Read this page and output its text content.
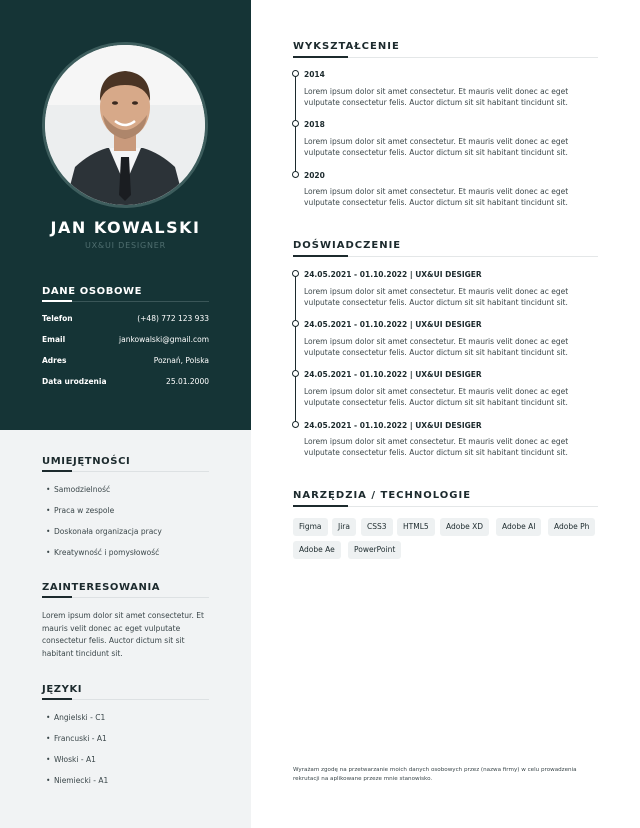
JAN KOWALSKI
UX&UI DESIGNER
DANE OSOBOWE
Telefon	(+48) 772 123 933
Email	jankowalski@gmail.com
Adres	Poznań, Polska
Data urodzenia	25.01.2000
UMIEJĘTNOŚCI
• Samodzielność
• Praca w zespole
• Doskonała organizacja pracy
• Kreatywność i pomysłowość
ZAINTERESOWANIA
Lorem ipsum dolor sit amet consectetur. Et mauris velit donec ac eget vulputate consectetur felis. Auctor dictum sit sit habitant tincidunt sit.
JĘZYKI
• Angielski - C1
• Francuski - A1
• Włoski - A1
• Niemiecki - A1
WYKSZTAŁCENIE
2014
Lorem ipsum dolor sit amet consectetur. Et mauris velit donec ac eget vulputate consectetur felis. Auctor dictum sit sit habitant tincidunt sit.
2018
Lorem ipsum dolor sit amet consectetur. Et mauris velit donec ac eget vulputate consectetur felis. Auctor dictum sit sit habitant tincidunt sit.
2020
Lorem ipsum dolor sit amet consectetur. Et mauris velit donec ac eget vulputate consectetur felis. Auctor dictum sit sit habitant tincidunt sit.
DOŚWIADCZENIE
24.05.2021 - 01.10.2022 | UX&UI DESIGER
Lorem ipsum dolor sit amet consectetur. Et mauris velit donec ac eget vulputate consectetur felis. Auctor dictum sit sit habitant tincidunt sit.
24.05.2021 - 01.10.2022 | UX&UI DESIGER
Lorem ipsum dolor sit amet consectetur. Et mauris velit donec ac eget vulputate consectetur felis. Auctor dictum sit sit habitant tincidunt sit.
24.05.2021 - 01.10.2022 | UX&UI DESIGER
Lorem ipsum dolor sit amet consectetur. Et mauris velit donec ac eget vulputate consectetur felis. Auctor dictum sit sit habitant tincidunt sit.
24.05.2021 - 01.10.2022 | UX&UI DESIGER
Lorem ipsum dolor sit amet consectetur. Et mauris velit donec ac eget vulputate consectetur felis. Auctor dictum sit sit habitant tincidunt sit.
NARZĘDZIA / TECHNOLOGIE
Figma	Jira	CSS3	HTML5	Adobe XD	Adobe AI	Adobe Ph
Adobe Ae	PowerPoint
Wyrażam zgodę na przetwarzanie moich danych osobowych przez (nazwa firmy) w celu prowadzenia rekrutacji na aplikowane przeze mnie stanowisko.
